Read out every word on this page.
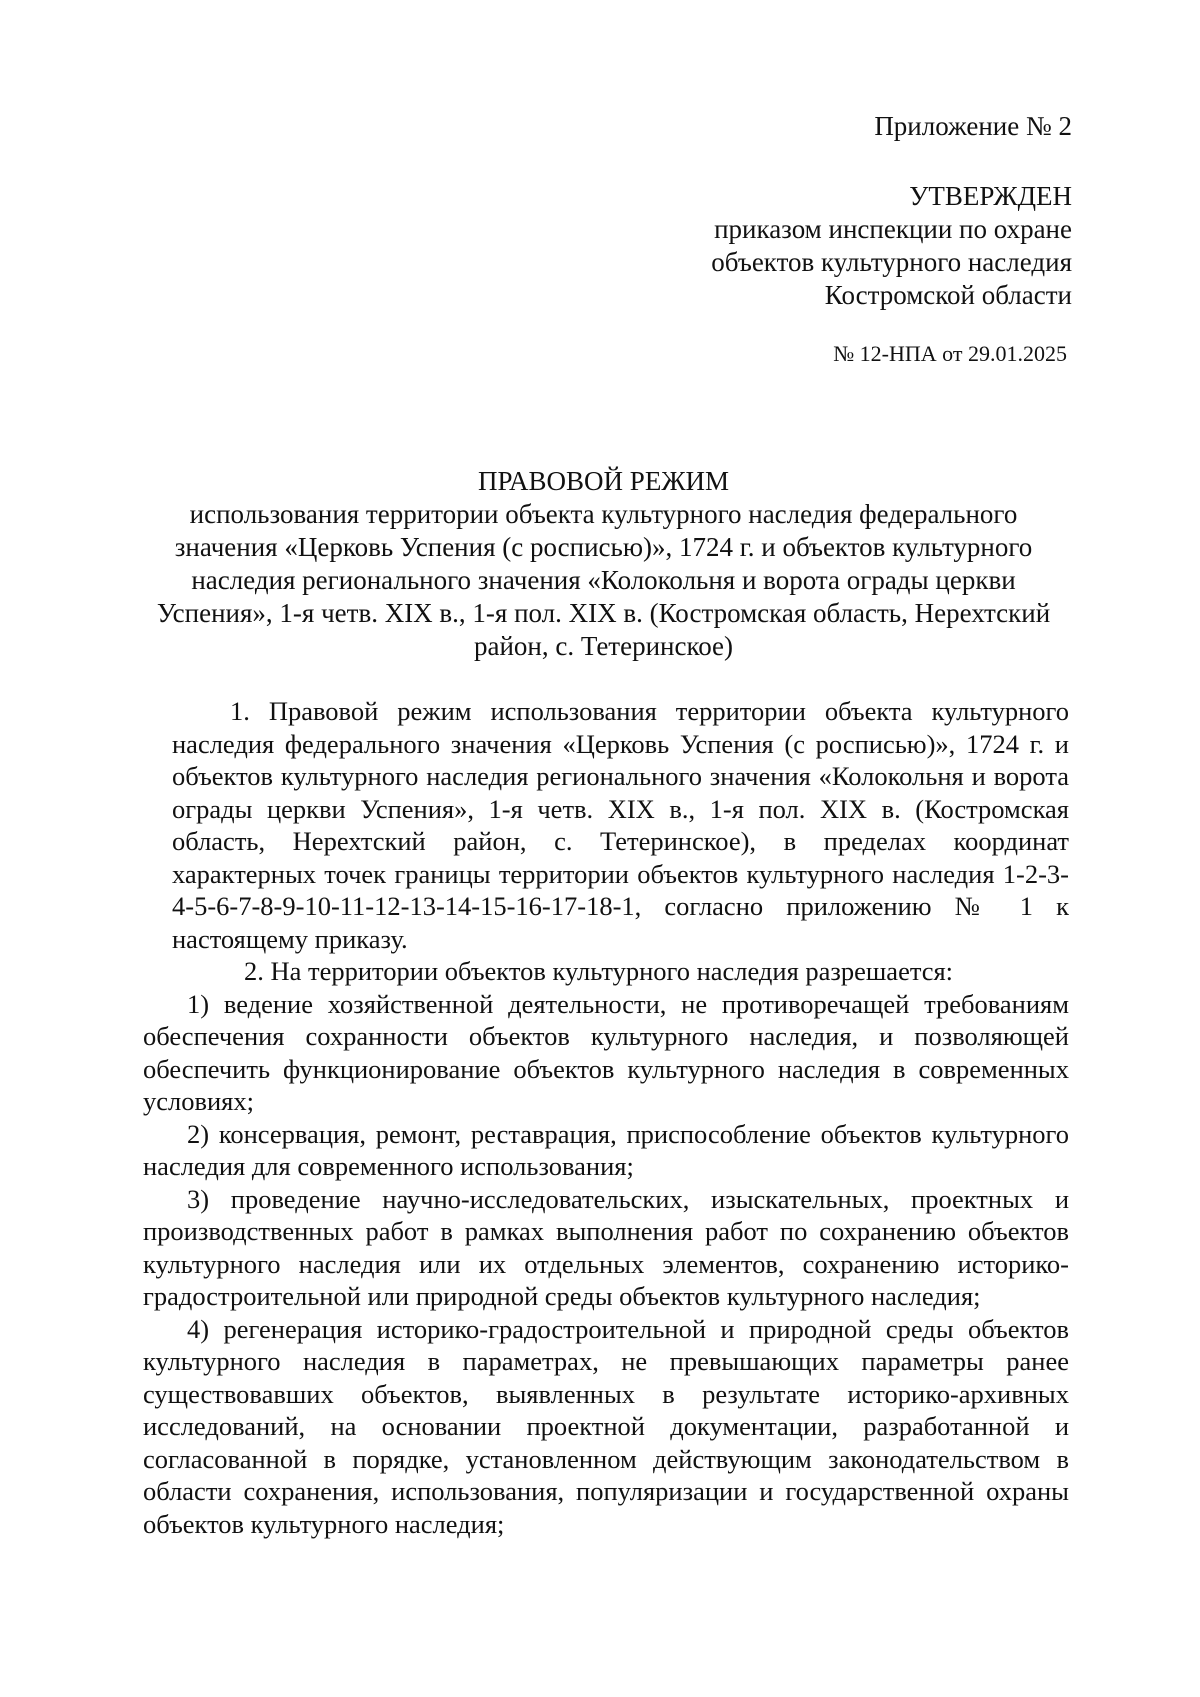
Приложение № 2
УТВЕРЖДЕН
приказом инспекции по охране
объектов культурного наследия
Костромской области
№ 12-НПА от 29.01.2025
ПРАВОВОЙ РЕЖИМ
использования территории объекта культурного наследия федерального значения «Церковь Успения (с росписью)», 1724 г. и объектов культурного наследия регионального значения «Колокольня и ворота ограды церкви Успения», 1-я четв. XIX в., 1-я пол. XIX в. (Костромская область, Нерехтский район, с. Тетеринское)
1. Правовой режим использования территории объекта культурного наследия федерального значения «Церковь Успения (с росписью)», 1724 г. и объектов культурного наследия регионального значения «Колокольня и ворота ограды церкви Успения», 1-я четв. XIX в., 1-я пол. XIX в. (Костромская область, Нерехтский район, с. Тетеринское), в пределах координат характерных точек границы территории объектов культурного наследия 1-2-3-4-5-6-7-8-9-10-11-12-13-14-15-16-17-18-1, согласно приложению № 1 к настоящему приказу.

2. На территории объектов культурного наследия разрешается:

1) ведение хозяйственной деятельности, не противоречащей требованиям обеспечения сохранности объектов культурного наследия, и позволяющей обеспечить функционирование объектов культурного наследия в современных условиях;

2) консервация, ремонт, реставрация, приспособление объектов культурного наследия для современного использования;

3) проведение научно-исследовательских, изыскательных, проектных и производственных работ в рамках выполнения работ по сохранению объектов культурного наследия или их отдельных элементов, сохранению историко-градостроительной или природной среды объектов культурного наследия;

4) регенерация историко-градостроительной и природной среды объектов культурного наследия в параметрах, не превышающих параметры ранее существовавших объектов, выявленных в результате историко-архивных исследований, на основании проектной документации, разработанной и согласованной в порядке, установленном действующим законодательством в области сохранения, использования, популяризации и государственной охраны объектов культурного наследия;
